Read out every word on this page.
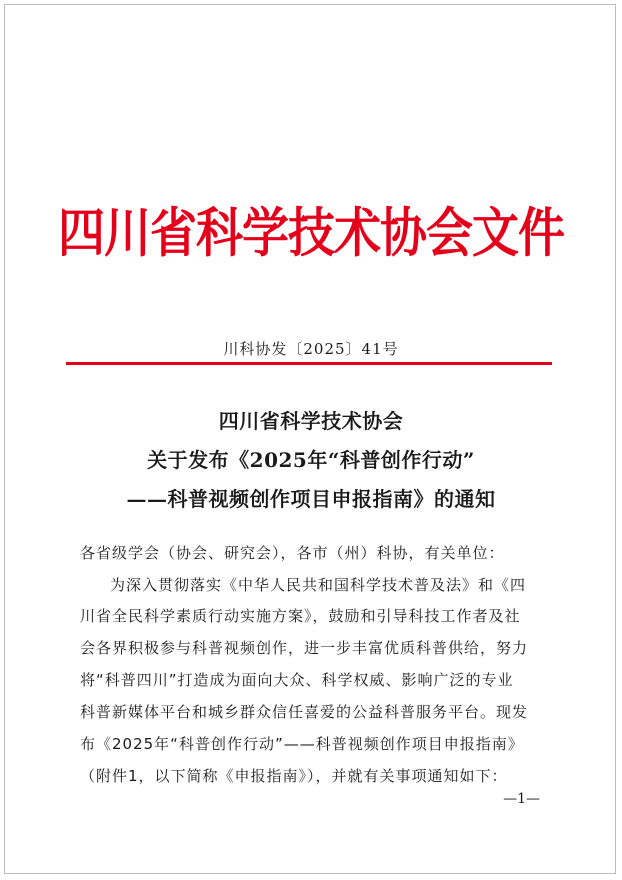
四川省科学技术协会文件
川科协发〔2025〕41号
四川省科学技术协会
关于发布《2025年“科普创作行动”
——科普视频创作项目申报指南》的通知
各省级学会（协会、研究会），各市（州）科协，有关单位：
为深入贯彻落实《中华人民共和国科学技术普及法》和《四
川省全民科学素质行动实施方案》，鼓励和引导科技工作者及社
会各界积极参与科普视频创作，进一步丰富优质科普供给，努力
将“科普四川”打造成为面向大众、科学权威、影响广泛的专业
科普新媒体平台和城乡群众信任喜爱的公益科普服务平台。现发
布《2025年“科普创作行动”——科普视频创作项目申报指南》
（附件1，以下简称《申报指南》），并就有关事项通知如下：
—1—
